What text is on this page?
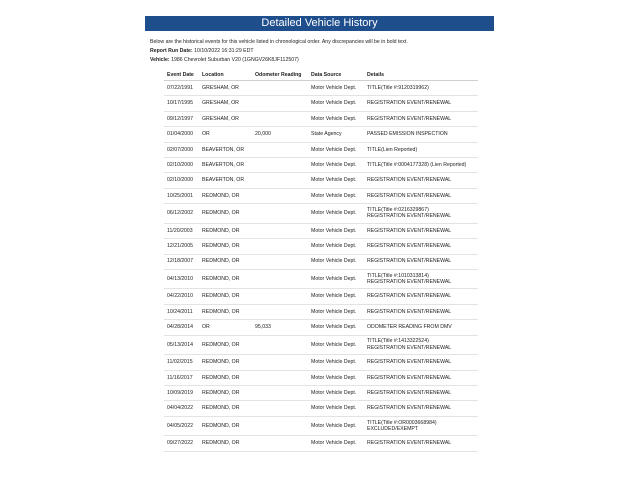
Detailed Vehicle History
Below are the historical events for this vehicle listed in chronological order. Any discrepancies will be in bold text.
Report Run Date: 10/10/2022 16:31:29 EDT
Vehicle: 1986 Chevrolet Suburban V20 (1GNGV26K8JF112507)
Event Date	Location	Odometer Reading	Data Source	Details
07/22/1991	GRESHAM, OR		Motor Vehicle Dept.	TITLE(Title #:9120319962)

10/17/1995	GRESHAM, OR		Motor Vehicle Dept.	REGISTRATION EVENT/RENEWAL

09/12/1997	GRESHAM, OR		Motor Vehicle Dept.	REGISTRATION EVENT/RENEWAL

01/04/2000	OR	20,000	State Agency	PASSED EMISSION INSPECTION

02/07/2000	BEAVERTON, OR		Motor Vehicle Dept.	TITLE(Lien Reported)

02/10/2000	BEAVERTON, OR		Motor Vehicle Dept.	TITLE(Title #:0004177328) (Lien Reported)

02/10/2000	BEAVERTON, OR		Motor Vehicle Dept.	REGISTRATION EVENT/RENEWAL

10/25/2001	REDMOND, OR		Motor Vehicle Dept.	REGISTRATION EVENT/RENEWAL

06/12/2002	REDMOND, OR		Motor Vehicle Dept.	TITLE(Title #:0216329867)
REGISTRATION EVENT/RENEWAL

11/20/2003	REDMOND, OR		Motor Vehicle Dept.	REGISTRATION EVENT/RENEWAL

12/21/2005	REDMOND, OR		Motor Vehicle Dept.	REGISTRATION EVENT/RENEWAL

12/18/2007	REDMOND, OR		Motor Vehicle Dept.	REGISTRATION EVENT/RENEWAL

04/13/2010	REDMOND, OR		Motor Vehicle Dept.	TITLE(Title #:1010313814)
REGISTRATION EVENT/RENEWAL

04/22/2010	REDMOND, OR		Motor Vehicle Dept.	REGISTRATION EVENT/RENEWAL

10/24/2011	REDMOND, OR		Motor Vehicle Dept.	REGISTRATION EVENT/RENEWAL

04/28/2014	OR	95,033	Motor Vehicle Dept.	ODOMETER READING FROM DMV

05/13/2014	REDMOND, OR		Motor Vehicle Dept.	TITLE(Title #:1413322524)
REGISTRATION EVENT/RENEWAL

11/02/2015	REDMOND, OR		Motor Vehicle Dept.	REGISTRATION EVENT/RENEWAL

11/16/2017	REDMOND, OR		Motor Vehicle Dept.	REGISTRATION EVENT/RENEWAL

10/09/2019	REDMOND, OR		Motor Vehicle Dept.	REGISTRATION EVENT/RENEWAL

04/04/2022	REDMOND, OR		Motor Vehicle Dept.	REGISTRATION EVENT/RENEWAL

04/05/2022	REDMOND, OR		Motor Vehicle Dept.	TITLE(Title #:OR0003668984)
EXCLUDED/EXEMPT

09/27/2022	REDMOND, OR		Motor Vehicle Dept.	REGISTRATION EVENT/RENEWAL
